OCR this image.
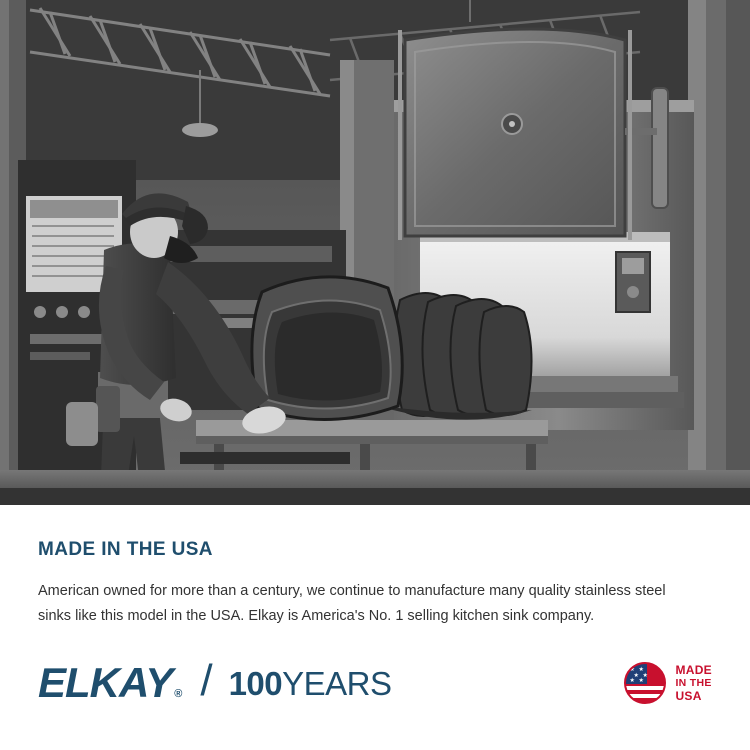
MADE IN THE USA

American owned for more than a century, we continue to manufacture many quality stainless steel sinks like this model in the USA. Elkay is America's No. 1 selling kitchen sink company.

ELKAY ® / 100YEARS	★ ★
★ ★
★ ★
MADE
IN THE
USA
